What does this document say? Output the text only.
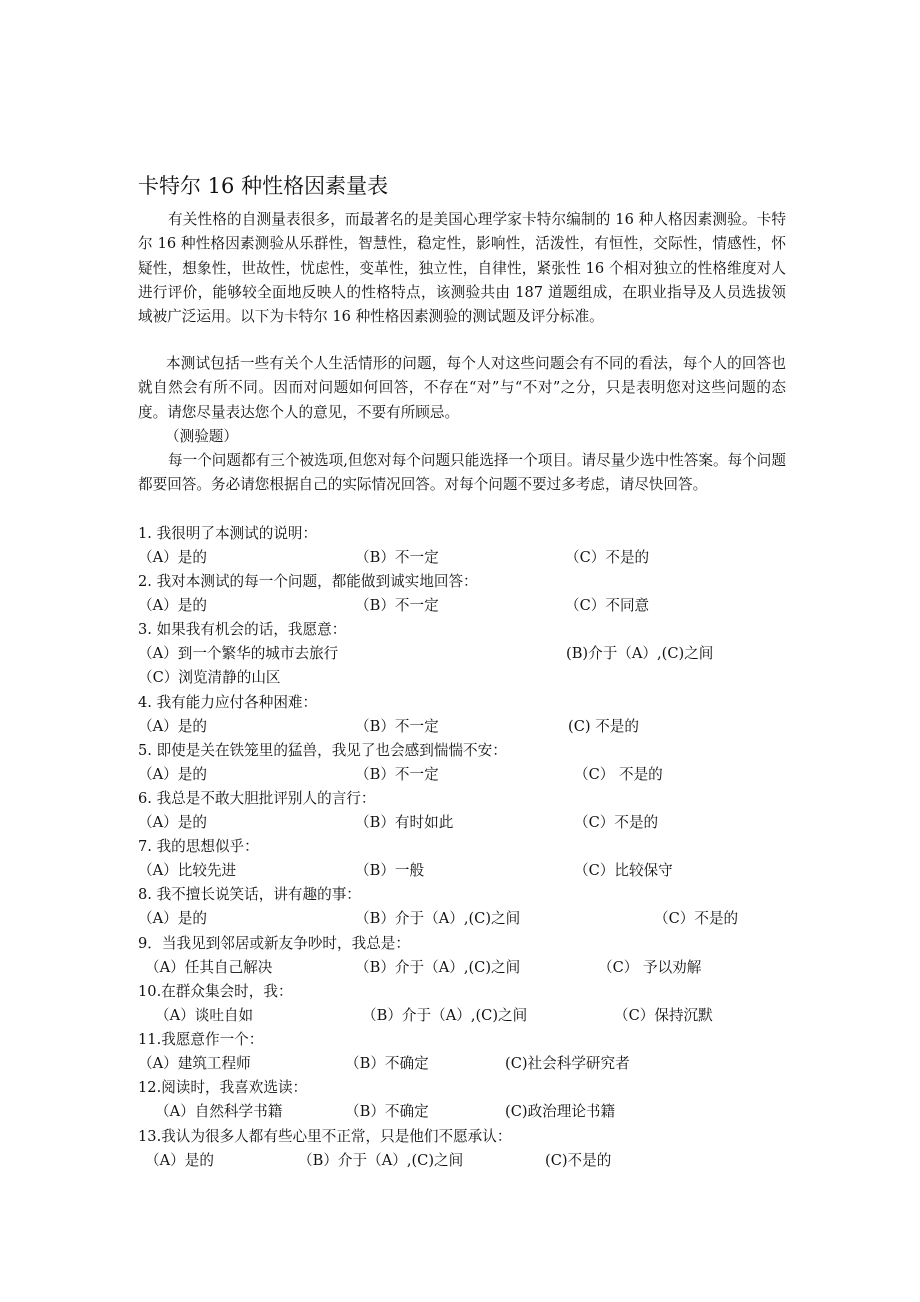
卡特尔 16 种性格因素量表

有关性格的自测量表很多，而最著名的是美国心理学家卡特尔编制的 16 种人格因素测验。卡特尔 16 种性格因素测验从乐群性，智慧性，稳定性，影响性，活泼性，有恒性，交际性，情感性，怀疑性，想象性，世故性，忧虑性，变革性，独立性，自律性，紧张性 16 个相对独立的性格维度对人进行评价，能够较全面地反映人的性格特点，该测验共由 187 道题组成，在职业指导及人员选拔领域被广泛运用。以下为卡特尔 16 种性格因素测验的测试题及评分标准。

本测试包括一些有关个人生活情形的问题，每个人对这些问题会有不同的看法，每个人的回答也就自然会有所不同。因而对问题如何回答，不存在“对”与“不对”之分，只是表明您对这些问题的态度。请您尽量表达您个人的意见，不要有所顾忌。

（测验题）

每一个问题都有三个被选项,但您对每个问题只能选择一个项目。请尽量少选中性答案。每个问题都要回答。务必请您根据自己的实际情况回答。对每个问题不要过多考虑，请尽快回答。

1. 我很明了本测试的说明：
（A）是的	（B）不一定	（C）不是的
2. 我对本测试的每一个问题，都能做到诚实地回答：
（A）是的	（B）不一定	（C）不同意
3. 如果我有机会的话，我愿意：
（A）到一个繁华的城市去旅行	(B)介于（A）,(C)之间
（C）浏览清静的山区
4. 我有能力应付各种困难：
（A）是的	（B）不一定	(C) 不是的
5. 即使是关在铁笼里的猛兽，我见了也会感到惴惴不安：
（A）是的	（B）不一定	（C） 不是的
6. 我总是不敢大胆批评别人的言行：
（A）是的	（B）有时如此	（C）不是的
7. 我的思想似乎：
（A）比较先进	（B）一般	（C）比较保守
8. 我不擅长说笑话，讲有趣的事：
（A）是的	（B）介于（A）,(C)之间	（C）不是的
9．当我见到邻居或新友争吵时，我总是：
（A）任其自己解决	（B）介于（A）,(C)之间	（C） 予以劝解
10.在群众集会时，我：
（A）谈吐自如	（B）介于（A）,(C)之间	（C）保持沉默
11.我愿意作一个：
（A）建筑工程师	（B）不确定	(C)社会科学研究者
12.阅读时，我喜欢选读：
（A）自然科学书籍	（B）不确定	(C)政治理论书籍
13.我认为很多人都有些心里不正常，只是他们不愿承认：
（A）是的	（B）介于（A）,(C)之间	(C)不是的
